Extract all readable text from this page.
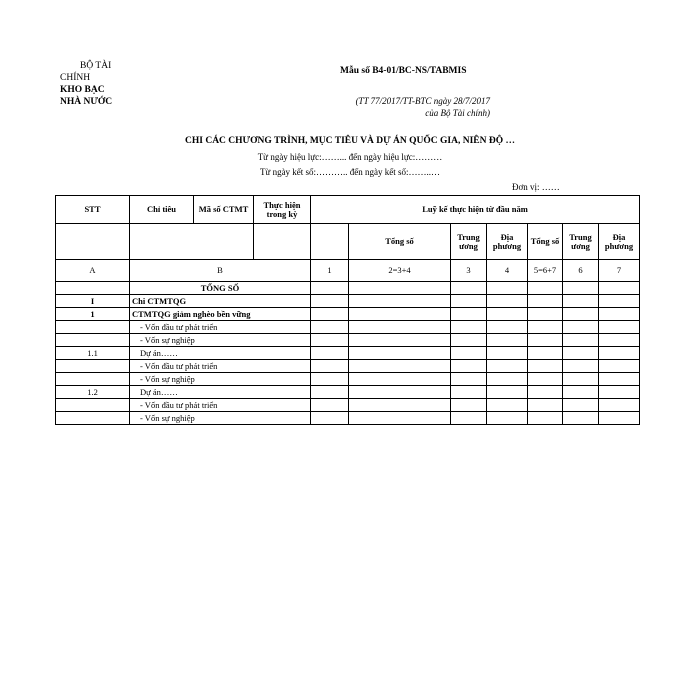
BỘ TÀI
CHÍNH
KHO BẠC
NHÀ NƯỚC
Mẫu số B4-01/BC-NS/TABMIS
(TT 77/2017/TT-BTC ngày 28/7/2017
của Bộ Tài chính)
CHI CÁC CHƯƠNG TRÌNH, MỤC TIÊU VÀ DỰ ÁN QUỐC GIA, NIÊN ĐỘ …
Từ ngày hiệu lực:……... đến ngày hiệu lực:………
Từ ngày kết số:……….. đến ngày kết số:……..…
Đơn vị: ……
STT	Chỉ tiêu	Mã số CTMT	Thực hiện trong kỳ	Luỹ kế thực hiện từ đầu năm						
					Tổng số	Trung ương	Địa phương	Tổng số	Trung ương	Địa phương
A	B			1	2=3+4	3	4	5=6+7	6	7
	TỔNG SỐ									
I	Chi CTMTQG									
1	CTMTQG giảm nghèo bền vững									
	- Vốn đầu tư phát triển									
	- Vốn sự nghiệp									
1.1	Dự án……									
	- Vốn đầu tư phát triển									
	- Vốn sự nghiệp									
1.2	Dự án……									
	- Vốn đầu tư phát triển									
	- Vốn sự nghiệp									
